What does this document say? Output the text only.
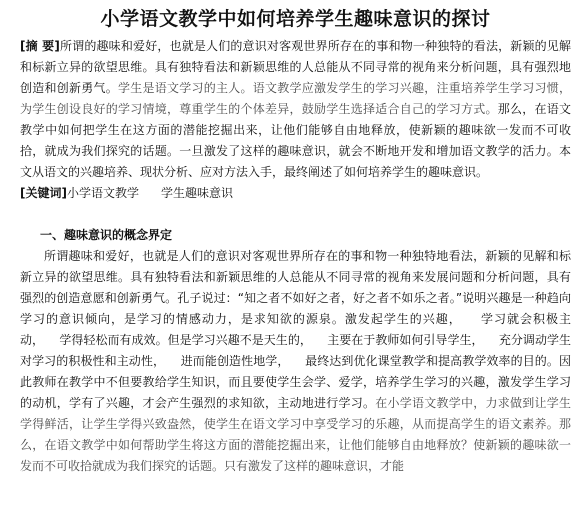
小学语文教学中如何培养学生趣味意识的探讨

[摘 要]所谓的趣味和爱好，也就是人们的意识对客观世界所存在的事和物一种独特的看法，新颖的见解和标新立异的欲望思维。具有独特看法和新颖思维的人总能从不同寻常的视角来分析问题，具有强烈地创造和创新勇气。学生是语文学习的主人。语文教学应激发学生的学习兴趣，注重培养学生学习习惯，为学生创设良好的学习情境，尊重学生的个体差异，鼓励学生选择适合自己的学习方式。那么，在语文教学中如何把学生在这方面的潜能挖掘出来，让他们能够自由地释放，使新颖的趣味欲一发而不可收拾，就成为我们探究的话题。一旦激发了这样的趣味意识，就会不断地开发和增加语文教学的活力。本文从语文的兴趣培养、现状分析、应对方法入手，最终阐述了如何培养学生的趣味意识。

[关键词]小学语文教学 学生趣味意识

一、趣味意识的概念界定

所谓趣味和爱好，也就是人们的意识对客观世界所存在的事和物一种独特地看法，新颖的见解和标新立异的欲望思维。具有独特看法和新颖思维的人总能从不同寻常的视角来发展问题和分析问题，具有强烈的创造意愿和创新勇气。孔子说过：“知之者不如好之者，好之者不如乐之者。”说明兴趣是一种趋向学习的意识倾向，是学习的情感动力，是求知欲的源泉。激发起学生的兴趣， 学习就会积极主动， 学得轻松而有成效。但是学习兴趣不是天生的， 主要在于教师如何引导学生， 充分调动学生对学习的积极性和主动性， 进而能创造性地学， 最终达到优化课堂教学和提高教学效率的目的。因此教师在教学中不但要教给学生知识，而且要使学生会学、爱学，培养学生学习的兴趣，激发学生学习的动机，学有了兴趣，才会产生强烈的求知欲，主动地进行学习。在小学语文教学中，力求做到让学生学得鲜活，让学生学得兴致盎然，使学生在语文学习中享受学习的乐趣，从而提高学生的语文素养。那么，在语文教学中如何帮助学生将这方面的潜能挖掘出来，让他们能够自由地释放？使新颖的趣味欲一发而不可收拾就成为我们探究的话题。只有激发了这样的趣味意识，才能
